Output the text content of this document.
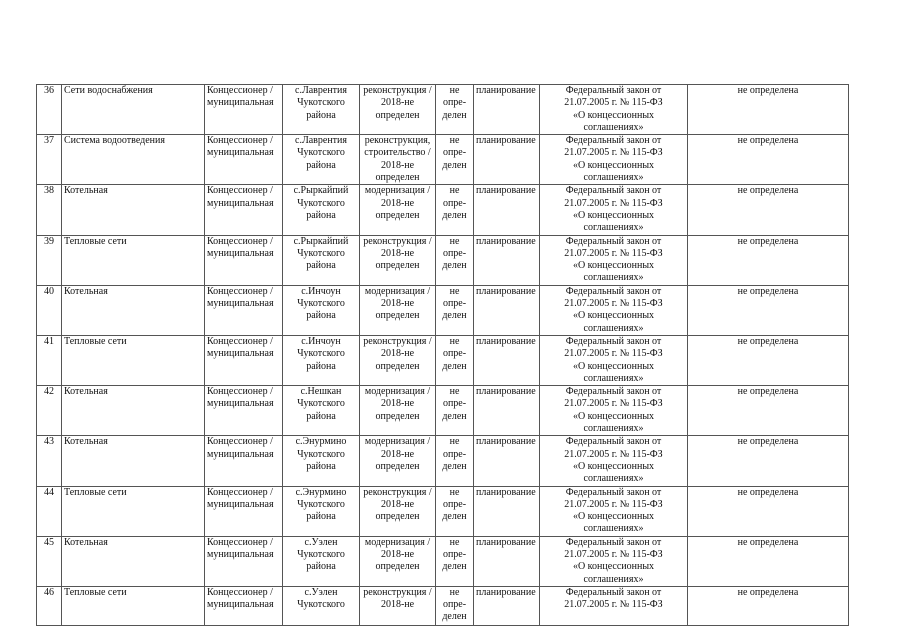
36	Сети водоснабжения	Концессионер /
муниципальная	с.Лаврентия
Чукотского
района	реконструкция /
2018-не
определен	не опре-
делен	планирование	Федеральный закон от
21.07.2005 г. № 115-ФЗ
«О концессионных
соглашениях»	не определена
37	Система водоотведения	Концессионер /
муниципальная	с.Лаврентия
Чукотского
района	реконструкция,
строительство /
2018-не
определен	не опре-
делен	планирование	Федеральный закон от
21.07.2005 г. № 115-ФЗ
«О концессионных
соглашениях»	не определена
38	Котельная	Концессионер /
муниципальная	с.Рыркайпий
Чукотского
района	модернизация /
2018-не
определен	не опре-
делен	планирование	Федеральный закон от
21.07.2005 г. № 115-ФЗ
«О концессионных
соглашениях»	не определена
39	Тепловые сети	Концессионер /
муниципальная	с.Рыркайпий
Чукотского
района	реконструкция /
2018-не
определен	не опре-
делен	планирование	Федеральный закон от
21.07.2005 г. № 115-ФЗ
«О концессионных
соглашениях»	не определена
40	Котельная	Концессионер /
муниципальная	с.Инчоун
Чукотского
района	модернизация /
2018-не
определен	не опре-
делен	планирование	Федеральный закон от
21.07.2005 г. № 115-ФЗ
«О концессионных
соглашениях»	не определена
41	Тепловые сети	Концессионер /
муниципальная	с.Инчоун
Чукотского
района	реконструкция /
2018-не
определен	не опре-
делен	планирование	Федеральный закон от
21.07.2005 г. № 115-ФЗ
«О концессионных
соглашениях»	не определена
42	Котельная	Концессионер /
муниципальная	с.Нешкан
Чукотского
района	модернизация /
2018-не
определен	не опре-
делен	планирование	Федеральный закон от
21.07.2005 г. № 115-ФЗ
«О концессионных
соглашениях»	не определена
43	Котельная	Концессионер /
муниципальная	с.Энурмино
Чукотского
района	модернизация /
2018-не
определен	не опре-
делен	планирование	Федеральный закон от
21.07.2005 г. № 115-ФЗ
«О концессионных
соглашениях»	не определена
44	Тепловые сети	Концессионер /
муниципальная	с.Энурмино
Чукотского
района	реконструкция /
2018-не
определен	не опре-
делен	планирование	Федеральный закон от
21.07.2005 г. № 115-ФЗ
«О концессионных
соглашениях»	не определена
45	Котельная	Концессионер /
муниципальная	с.Уэлен
Чукотского
района	модернизация /
2018-не
определен	не опре-
делен	планирование	Федеральный закон от
21.07.2005 г. № 115-ФЗ
«О концессионных
соглашениях»	не определена
46	Тепловые сети	Концессионер /
муниципальная	с.Уэлен
Чукотского	реконструкция /
2018-не	не опре-
делен	планирование	Федеральный закон от
21.07.2005 г. № 115-ФЗ	не определена
